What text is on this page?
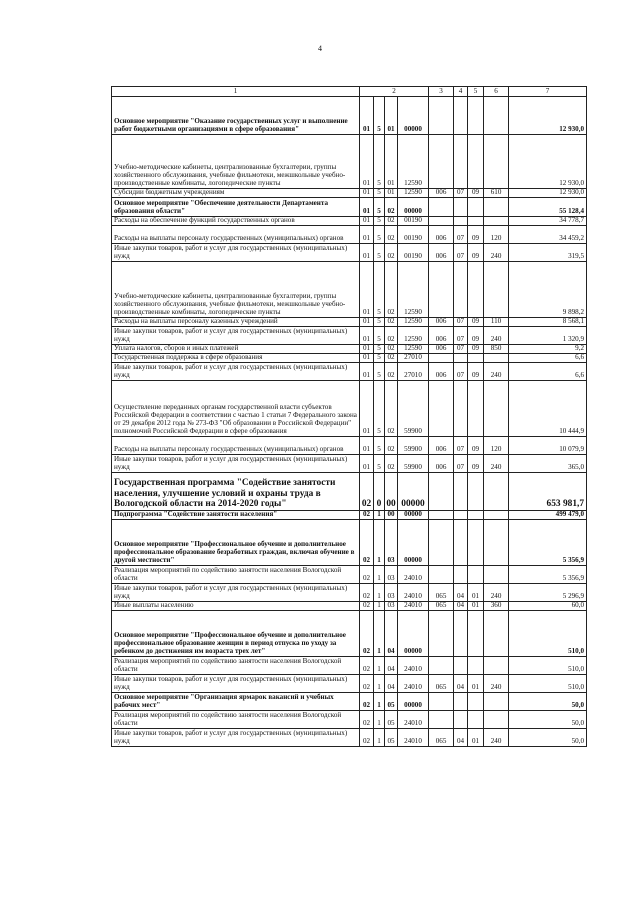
4
1	2				3	4	5	6	7
Основное мероприятие "Оказание государственных услуг и выполнение работ бюджетными организациями в сфере образования"	01	5	01	00000					12 930,0
Учебно-методические кабинеты, централизованные бухгалтерии, группы хозяйственного обслуживания, учебные фильмотеки, межшкольные учебно-производственные комбинаты, логопедические пункты	01	5	01	12590					12 930,0
Субсидии бюджетным учреждениям	01	5	01	12590	006	07	09	610	12 930,0
Основное мероприятие "Обеспечение деятельности Департамента образования области"	01	5	02	00000					55 128,4
Расходы на обеспечение функций государственных органов	01	5	02	00190					34 778,7
Расходы на выплаты персоналу государственных (муниципальных) органов	01	5	02	00190	006	07	09	120	34 459,2
Иные закупки товаров, работ и услуг для государственных (муниципальных) нужд	01	5	02	00190	006	07	09	240	319,5
Учебно-методические кабинеты, централизованные бухгалтерии, группы хозяйственного обслуживания, учебные фильмотеки, межшкольные учебно-производственные комбинаты, логопедические пункты	01	5	02	12590					9 898,2
Расходы на выплаты персоналу казенных учреждений	01	5	02	12590	006	07	09	110	8 568,1
Иные закупки товаров, работ и услуг для государственных (муниципальных) нужд	01	5	02	12590	006	07	09	240	1 320,9
Уплата налогов, сборов и иных платежей	01	5	02	12590	006	07	09	850	9,2
Государственная поддержка в сфере образования	01	5	02	27010					6,6
Иные закупки товаров, работ и услуг для государственных (муниципальных) нужд	01	5	02	27010	006	07	09	240	6,6
Осуществление переданных органам государственной власти субъектов Российской Федерации в соответствии с частью 1 статьи 7 Федерального закона от 29 декабря 2012 года № 273-ФЗ "Об образовании в Российской Федерации" полномочий Российской Федерации в сфере образования	01	5	02	59900					10 444,9
Расходы на выплаты персоналу государственных (муниципальных) органов	01	5	02	59900	006	07	09	120	10 079,9
Иные закупки товаров, работ и услуг для государственных (муниципальных) нужд	01	5	02	59900	006	07	09	240	365,0
Государственная программа "Содействие занятости населения, улучшение условий и охраны труда в Вологодской области на 2014-2020 годы"	02	0	00	00000					653 981,7
Подпрограмма "Содействие занятости населения"	02	1	00	00000					499 479,0
Основное мероприятие "Профессиональное обучение и дополнительное профессиональное образование безработных граждан, включая обучение в другой местности"	02	1	03	00000					5 356,9
Реализация мероприятий по содействию занятости населения Вологодской области	02	1	03	24010					5 356,9
Иные закупки товаров, работ и услуг для государственных (муниципальных) нужд	02	1	03	24010	065	04	01	240	5 296,9
Иные выплаты населению	02	1	03	24010	065	04	01	360	60,0
Основное мероприятие "Профессиональное обучение и дополнительное профессиональное образование женщин в период отпуска по уходу за ребенком до достижения им возраста трех лет"	02	1	04	00000					510,0
Реализация мероприятий по содействию занятости населения Вологодской области	02	1	04	24010					510,0
Иные закупки товаров, работ и услуг для государственных (муниципальных) нужд	02	1	04	24010	065	04	01	240	510,0
Основное мероприятие "Организация ярмарок вакансий и учебных рабочих мест"	02	1	05	00000					50,0
Реализация мероприятий по содействию занятости населения Вологодской области	02	1	05	24010					50,0
Иные закупки товаров, работ и услуг для государственных (муниципальных) нужд	02	1	05	24010	065	04	01	240	50,0
